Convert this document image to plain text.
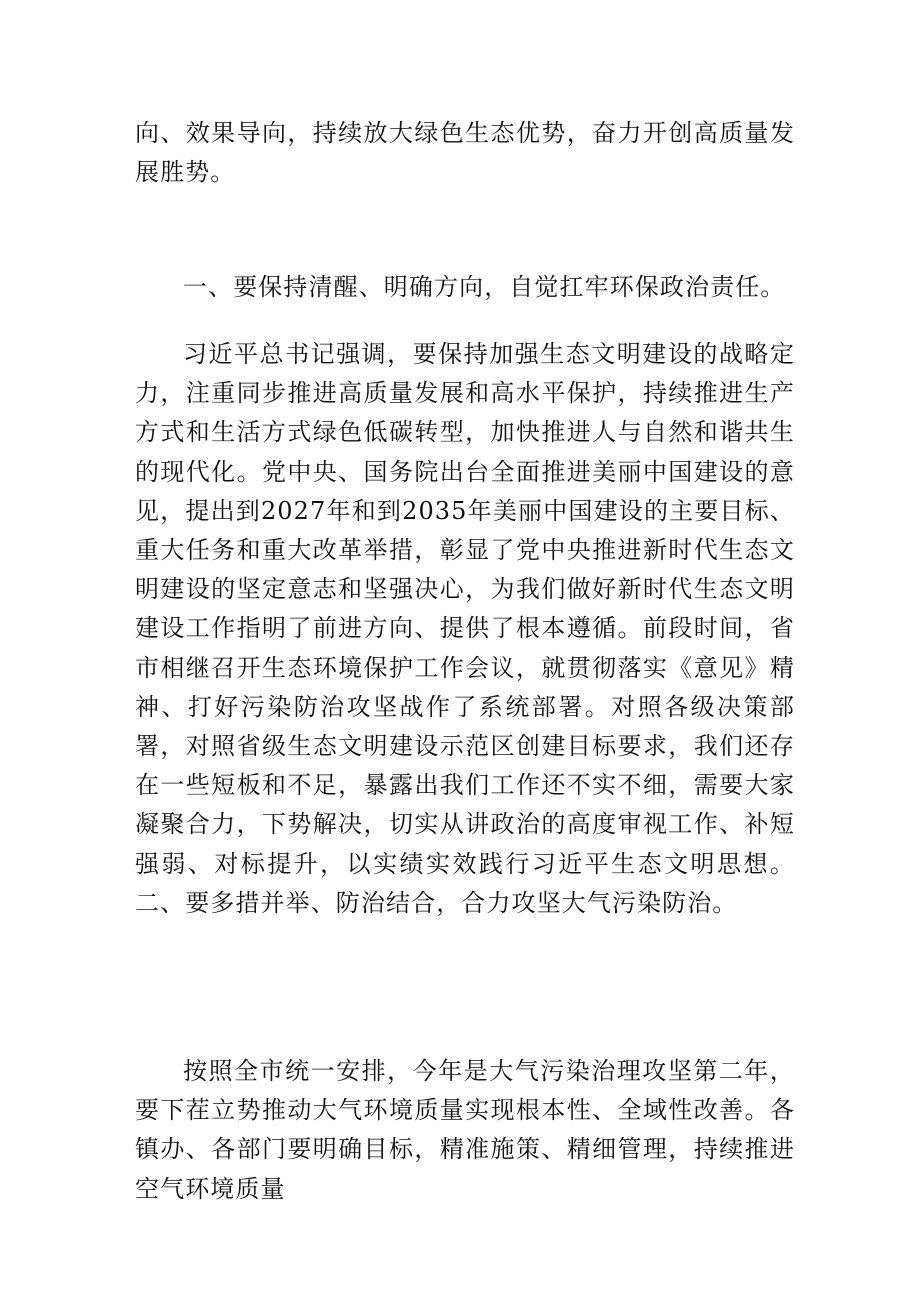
向、效果导向，持续放大绿色生态优势，奋力开创高质量发展胜势。

一、要保持清醒、明确方向，自觉扛牢环保政治责任。

习近平总书记强调，要保持加强生态文明建设的战略定力，注重同步推进高质量发展和高水平保护，持续推进生产方式和生活方式绿色低碳转型，加快推进人与自然和谐共生的现代化。党中央、国务院出台全面推进美丽中国建设的意见，提出到2027年和到2035年美丽中国建设的主要目标、重大任务和重大改革举措，彰显了党中央推进新时代生态文明建设的坚定意志和坚强决心，为我们做好新时代生态文明建设工作指明了前进方向、提供了根本遵循。前段时间，省市相继召开生态环境保护工作会议，就贯彻落实《意见》精神、打好污染防治攻坚战作了系统部署。对照各级决策部署，对照省级生态文明建设示范区创建目标要求，我们还存在一些短板和不足，暴露出我们工作还不实不细，需要大家凝聚合力，下势解决，切实从讲政治的高度审视工作、补短强弱、对标提升，以实绩实效践行习近平生态文明思想。二、要多措并举、防治结合，合力攻坚大气污染防治。

按照全市统一安排，今年是大气污染治理攻坚第二年，要下茬立势推动大气环境质量实现根本性、全域性改善。各镇办、各部门要明确目标，精准施策、精细管理，持续推进空气环境质量
